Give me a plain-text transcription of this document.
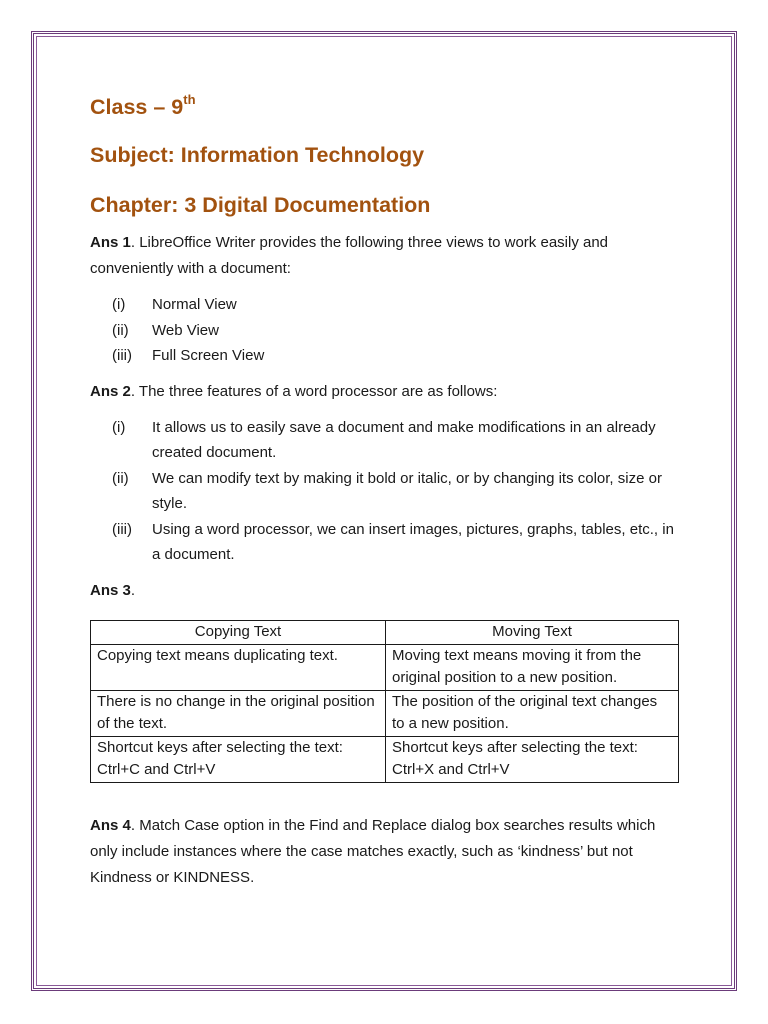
Class – 9th
Subject: Information Technology
Chapter: 3 Digital Documentation

Ans 1. LibreOffice Writer provides the following three views to work easily and conveniently with a document:

(i)	Normal View
(ii)	Web View
(iii)	Full Screen View

Ans 2. The three features of a word processor are as follows:

(i)	It allows us to easily save a document and make modifications in an already created document.
(ii)	We can modify text by making it bold or italic, or by changing its color, size or style.
(iii)	Using a word processor, we can insert images, pictures, graphs, tables, etc., in a document.

Ans 3.

Copying Text	Moving Text
Copying text means duplicating text.	Moving text means moving it from the original position to a new position.
There is no change in the original position of the text.	The position of the original text changes to a new position.
Shortcut keys after selecting the text: Ctrl+C and Ctrl+V	Shortcut keys after selecting the text: Ctrl+X and Ctrl+V

Ans 4. Match Case option in the Find and Replace dialog box searches results which only include instances where the case matches exactly, such as ‘kindness’ but not Kindness or KINDNESS.
